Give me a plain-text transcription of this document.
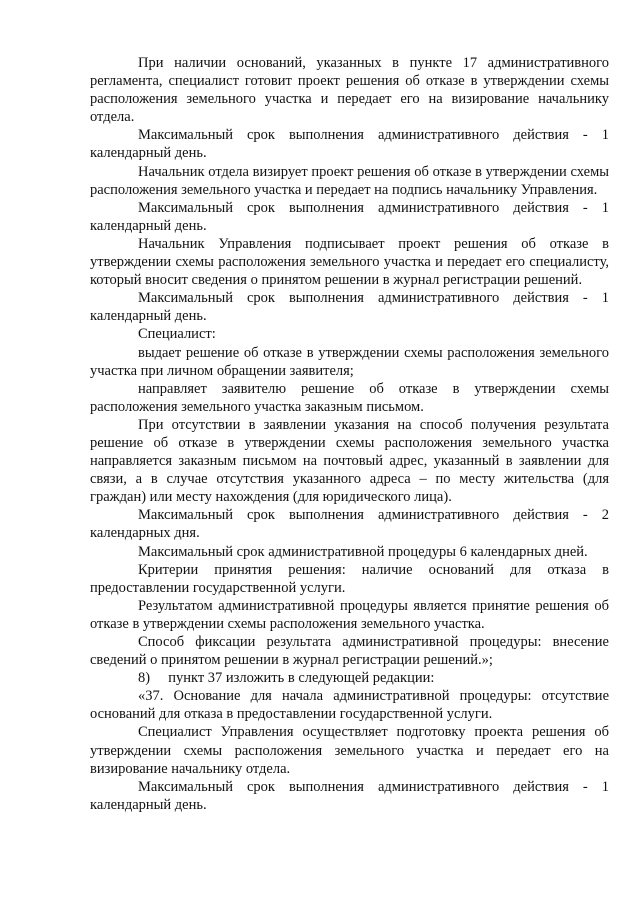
При наличии оснований, указанных в пункте 17 административного регламента, специалист готовит проект решения об отказе в утверждении схемы расположения земельного участка и передает его на визирование начальнику отдела.

Максимальный срок выполнения административного действия - 1 календарный день.

Начальник отдела визирует проект решения об отказе в утверждении схемы расположения земельного участка и передает на подпись начальнику Управления.

Максимальный срок выполнения административного действия - 1 календарный день.

Начальник Управления подписывает проект решения об отказе в утверждении схемы расположения земельного участка и передает его специалисту, который вносит сведения о принятом решении в журнал регистрации решений.

Максимальный срок выполнения административного действия - 1 календарный день.

Специалист:

выдает решение об отказе в утверждении схемы расположения земельного участка при личном обращении заявителя;

направляет заявителю решение об отказе в утверждении схемы расположения земельного участка заказным письмом.

При отсутствии в заявлении указания на способ получения результата решение об отказе в утверждении схемы расположения земельного участка направляется заказным письмом на почтовый адрес, указанный в заявлении для связи, а в случае отсутствия указанного адреса – по месту жительства (для граждан) или месту нахождения (для юридического лица).

Максимальный срок выполнения административного действия - 2 календарных дня.

Максимальный срок административной процедуры 6 календарных дней.

Критерии принятия решения: наличие оснований для отказа в предоставлении государственной услуги.

Результатом административной процедуры является принятие решения об отказе в утверждении схемы расположения земельного участка.

Способ фиксации результата административной процедуры: внесение сведений о принятом решении в журнал регистрации решений.»;

8)     пункт 37 изложить в следующей редакции:

«37. Основание для начала административной процедуры: отсутствие оснований для отказа в предоставлении государственной услуги.

Специалист Управления осуществляет подготовку проекта решения об утверждении схемы расположения земельного участка и передает его на визирование начальнику отдела.

Максимальный срок выполнения административного действия - 1 календарный день.
